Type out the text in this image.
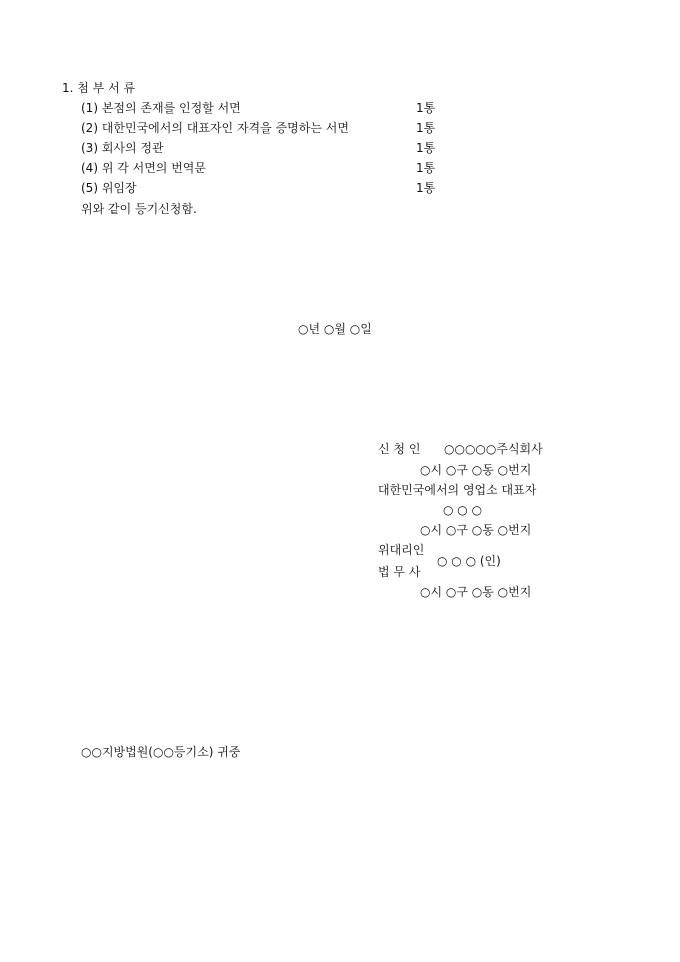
1. 첨 부 서 류
(1) 본점의 존재를 인정할 서면	1통
(2) 대한민국에서의 대표자인 자격을 증명하는 서면	1통
(3) 회사의 정관	1통
(4) 위 각 서면의 번역문	1통
(5) 위임장	1통
위와 같이 등기신청함.
○년 ○월 ○일
신 청 인 ○○○○○주식회사
○시 ○구 ○동 ○번지
대한민국에서의 영업소 대표자
○ ○ ○
○시 ○구 ○동 ○번지
위대리인
○ ○ ○ (인)
법 무 사
○시 ○구 ○동 ○번지
○○지방법원(○○등기소) 귀중
